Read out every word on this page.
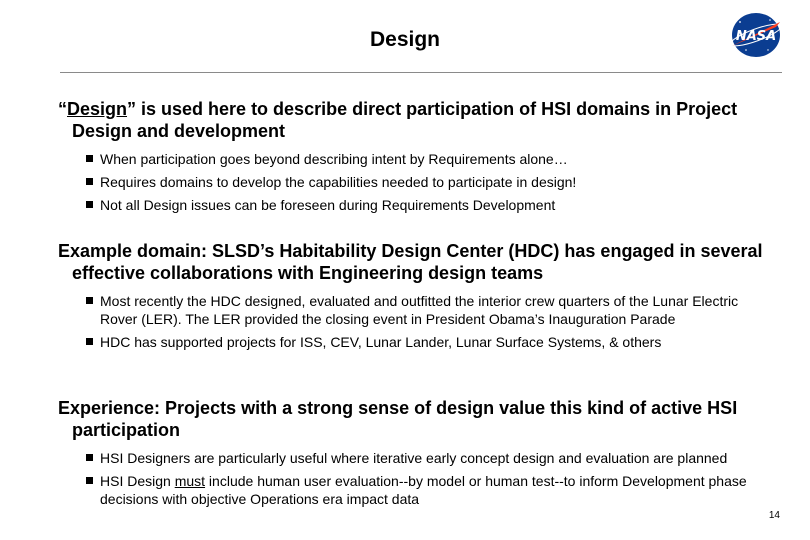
Design	NASA

“Design” is used here to describe direct participation of HSI domains in Project Design and development

When participation goes beyond describing intent by Requirements alone…
Requires domains to develop the capabilities needed to participate in design!
Not all Design issues can be foreseen during Requirements Development

Example domain: SLSD’s Habitability Design Center (HDC) has engaged in several effective collaborations with Engineering design teams

Most recently the HDC designed, evaluated and outfitted the interior crew quarters of the Lunar Electric Rover (LER). The LER provided the closing event in President Obama’s Inauguration Parade
HDC has supported projects for ISS, CEV, Lunar Lander, Lunar Surface Systems, & others

Experience: Projects with a strong sense of design value this kind of active HSI participation

HSI Designers are particularly useful where iterative early concept design and evaluation are planned
HSI Design must include human user evaluation--by model or human test--to inform Development phase decisions with objective Operations era impact data
14
